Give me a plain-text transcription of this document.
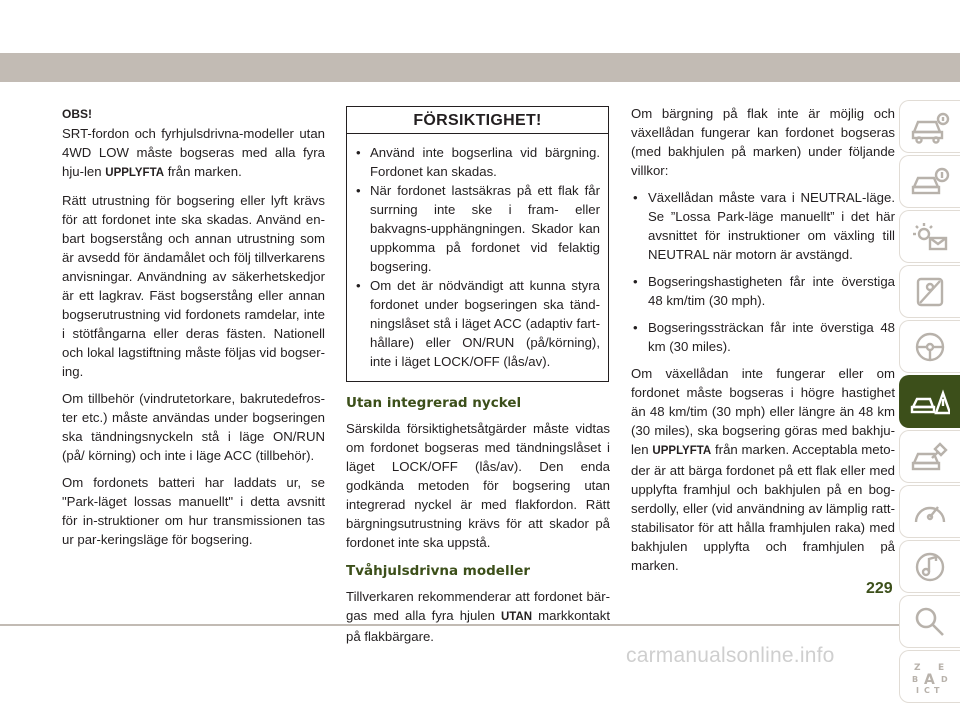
OBS!

SRT-fordon och fyrhjulsdrivna-modeller utan 4WD LOW måste bogseras med alla fyra hju-len UPPLYFTA från marken.

Rätt utrustning för bogsering eller lyft krävs för att fordonet inte ska skadas. Använd en-bart bogserstång och annan utrustning som är avsedd för ändamålet och följ tillverkarens anvisningar. Användning av säkerhetskedjor är ett lagkrav. Fäst bogserstång eller annan bogserutrustning vid fordonets ramdelar, inte i stötfångarna eller deras fästen. Nationell och lokal lagstiftning måste följas vid bogser-ing.

Om tillbehör (vindrutetorkare, bakrutedefros-ter etc.) måste användas under bogseringen ska tändningsnyckeln stå i läge ON/RUN (på/ körning) och inte i läge ACC (tillbehör).

Om fordonets batteri har laddats ur, se "Park-läget lossas manuellt" i detta avsnitt för in-struktioner om hur transmissionen tas ur par-keringsläge för bogsering.

FÖRSIKTIGHET!
• Använd inte bogserlina vid bärgning. Fordonet kan skadas.
• När fordonet lastsäkras på ett flak får surrning inte ske i fram- eller bakvagns-upphängningen. Skador kan uppkomma på fordonet vid felaktig bogsering.
• Om det är nödvändigt att kunna styra fordonet under bogseringen ska tänd-ningslåset stå i läget ACC (adaptiv fart-hållare) eller ON/RUN (på/körning), inte i läget LOCK/OFF (lås/av).
Utan integrerad nyckel

Särskilda försiktighetsåtgärder måste vidtas om fordonet bogseras med tändningslåset i läget LOCK/OFF (lås/av). Den enda godkända metoden för bogsering utan integrerad nyckel är med flakfordon. Rätt bärgningsutrustning krävs för att skador på fordonet inte ska uppstå.

Tvåhjulsdrivna modeller

Tillverkaren rekommenderar att fordonet bär-gas med alla fyra hjulen UTAN markkontakt på flakbärgare.

Om bärgning på flak inte är möjlig och växellådan fungerar kan fordonet bogseras (med bakhjulen på marken) under följande villkor:

• Växellådan måste vara i NEUTRAL-läge. Se ”Lossa Park-läge manuellt” i det här avsnittet för instruktioner om växling till NEUTRAL när motorn är avstängd.
• Bogseringshastigheten får inte överstiga 48 km/tim (30 mph).
• Bogseringssträckan får inte överstiga 48 km (30 miles).

Om växellådan inte fungerar eller om fordonet måste bogseras i högre hastighet än 48 km/tim (30 mph) eller längre än 48 km (30 miles), ska bogsering göras med bakhju-len UPPLYFTA från marken. Acceptabla meto-der är att bärga fordonet på ett flak eller med upplyfta framhjul och bakhjulen på en bog-serdolly, eller (vid användning av lämplig ratt-stabilisator för att hålla framhjulen raka) med bakhjulen upplyfta och framhjulen på marken.

Z E
B A D
I C T
229
carmanualsonline.info
